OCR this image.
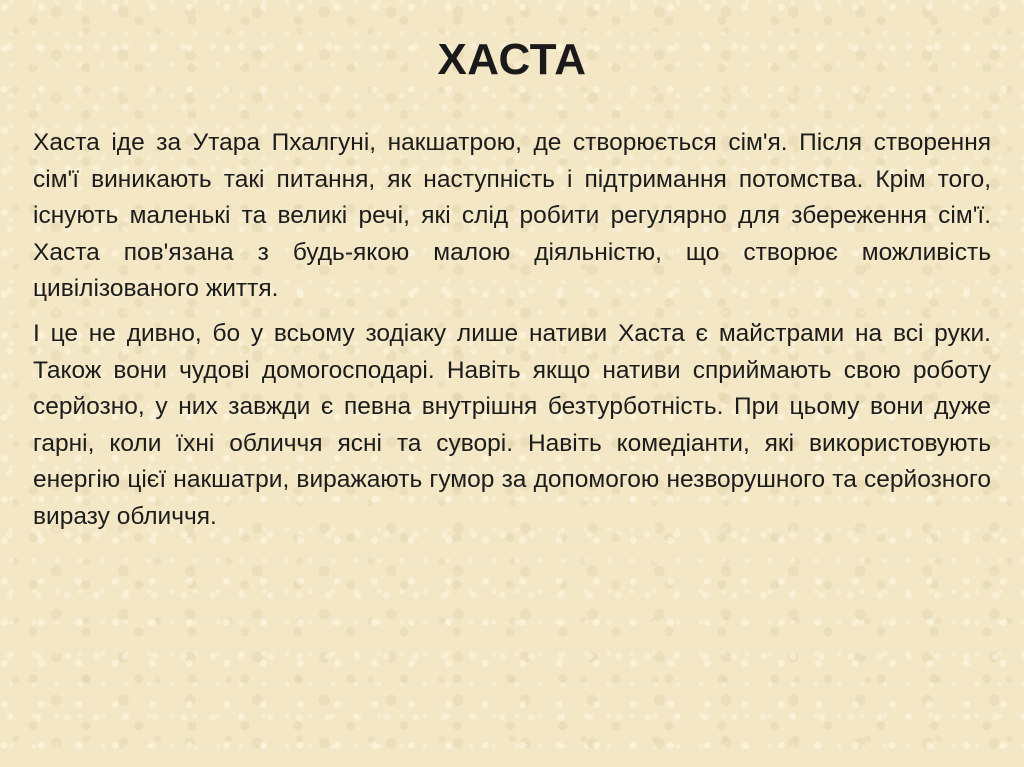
ХАСТА

Хаста іде за Утара Пхалгуні, накшатрою, де створюється сім'я. Після створення сім'ї виникають такі питання, як наступність і підтримання потомства. Крім того, існують маленькі та великі речі, які слід робити регулярно для збереження сім'ї. Хаста пов'язана з будь-якою малою діяльністю, що створює можливість цивілізованого життя.

І це не дивно, бо у всьому зодіаку лише нативи Хаста є майстрами на всі руки. Також вони чудові домогосподарі. Навіть якщо нативи сприймають свою роботу серйозно, у них завжди є певна внутрішня безтурботність. При цьому вони дуже гарні, коли їхні обличчя ясні та суворі. Навіть комедіанти, які використовують енергію цієї накшатри, виражають гумор за допомогою незворушного та серйозного виразу обличчя.
